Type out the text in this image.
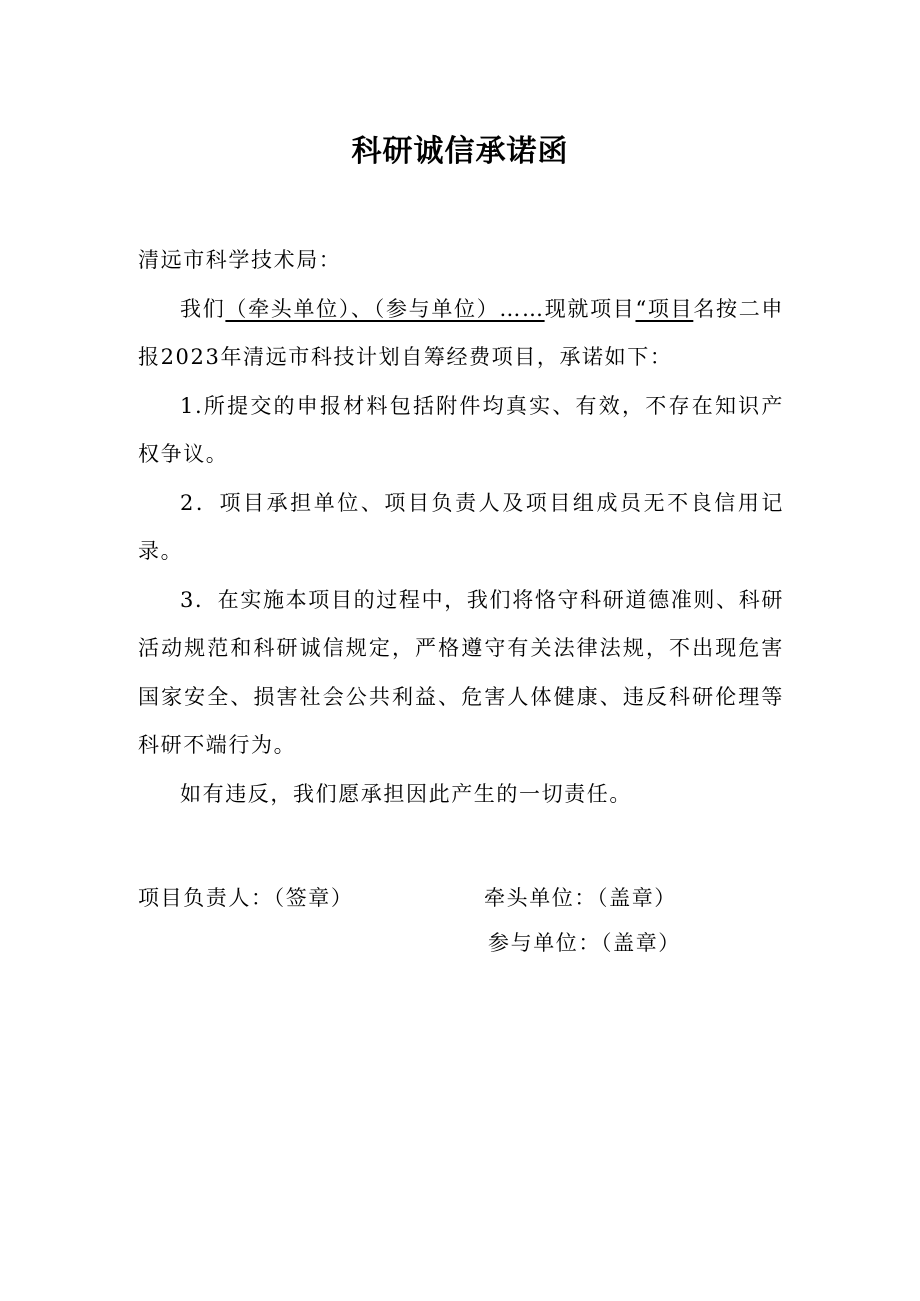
科研诚信承诺函

清远市科学技术局：

我们（牵头单位）、（参与单位）……现就项目“项目名按二申报2023年清远市科技计划自筹经费项目，承诺如下：

1.所提交的申报材料包括附件均真实、有效，不存在知识产权争议。

2．项目承担单位、项目负责人及项目组成员无不良信用记录。

3．在实施本项目的过程中，我们将恪守科研道德准则、科研活动规范和科研诚信规定，严格遵守有关法律法规，不出现危害国家安全、损害社会公共利益、危害人体健康、违反科研伦理等科研不端行为。

如有违反，我们愿承担因此产生的一切责任。

项目负责人：（签章）	牵头单位：（盖章）
参与单位：（盖章）
